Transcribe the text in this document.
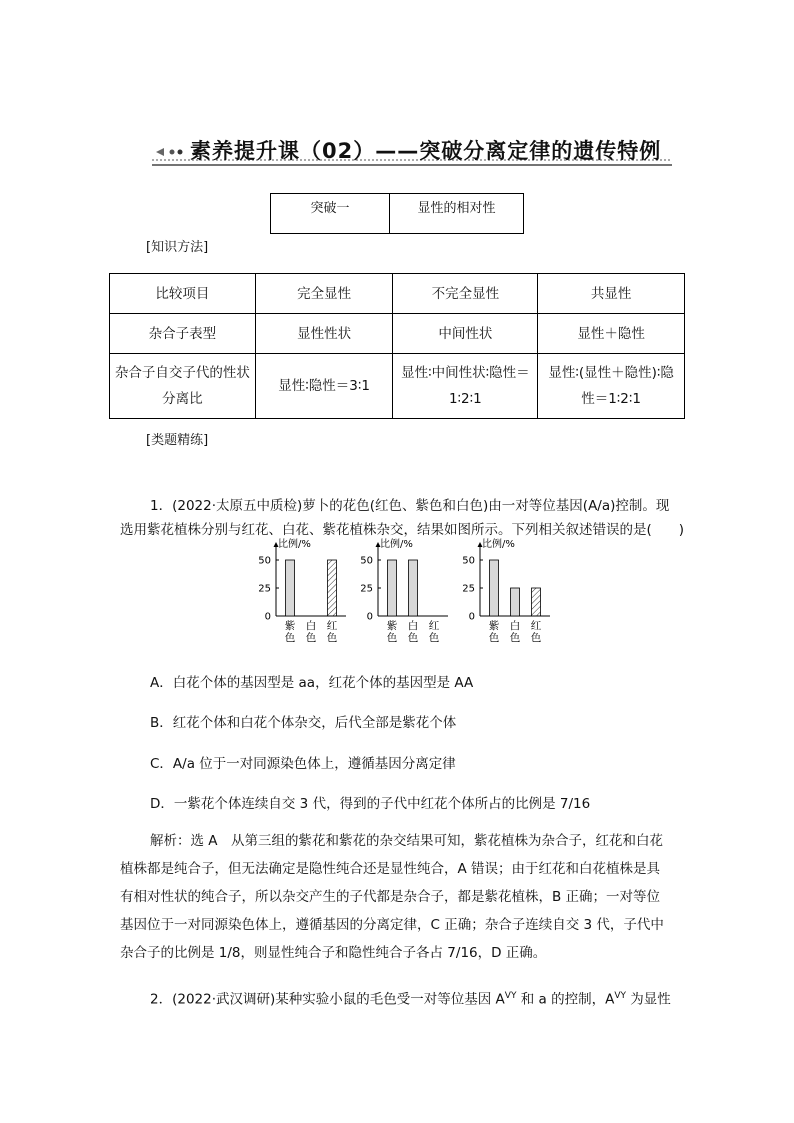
素养提升课（02）——突破分离定律的遗传特例
突破一	显性的相对性
[知识方法]
比较项目	完全显性	不完全显性	共显性
杂合子表型	显性性状	中间性状	显性＋隐性
杂合子自交子代的性状分离比	显性∶隐性＝3∶1	显性∶中间性状∶隐性＝1∶2∶1	显性∶(显性＋隐性)∶隐性＝1∶2∶1
[类题精练]
1．(2022·太原五中质检)萝卜的花色(红色、紫色和白色)由一对等位基因(A/a)控制。现
选用紫花植株分别与红花、白花、紫花植株杂交，结果如图所示。下列相关叙述错误的是(　　)
比例/%
50
25
0
紫
色
白
色
红
色
比例/%
50
25
0
紫
色
白
色
红
色
比例/%
50
25
0
紫
色
白
色
红
色
A．白花个体的基因型是 aa，红花个体的基因型是 AA
B．红花个体和白花个体杂交，后代全部是紫花个体
C．A/a 位于一对同源染色体上，遵循基因分离定律
D．一紫花个体连续自交 3 代，得到的子代中红花个体所占的比例是 7/16
解析：选 A　从第三组的紫花和紫花的杂交结果可知，紫花植株为杂合子，红花和白花
植株都是纯合子，但无法确定是隐性纯合还是显性纯合，A 错误；由于红花和白花植株是具
有相对性状的纯合子，所以杂交产生的子代都是杂合子，都是紫花植株，B 正确；一对等位
基因位于一对同源染色体上，遵循基因的分离定律，C 正确；杂合子连续自交 3 代，子代中
杂合子的比例是 1/8，则显性纯合子和隐性纯合子各占 7/16，D 正确。
2．(2022·武汉调研)某种实验小鼠的毛色受一对等位基因 $A^{VY}$ 和 a 的控制，$A^{VY}$ 为显性
